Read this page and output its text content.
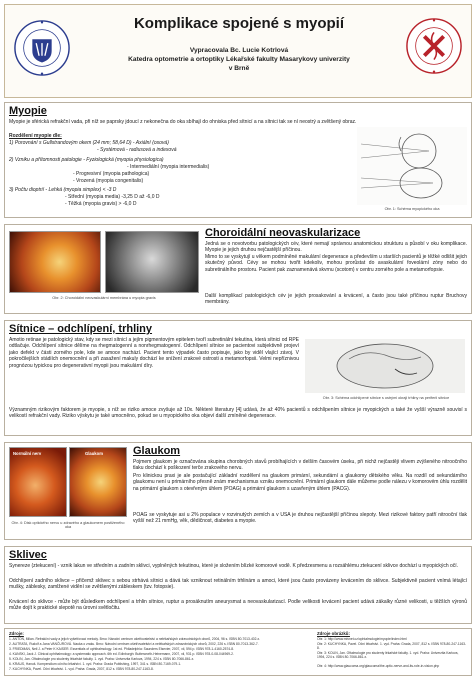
Komplikace spojené s myopií
Vypracovala Bc. Lucie Kotrlová
Katedra optometrie a ortoptiky Lékařské fakulty Masarykovy univerzity
v Brně
Myopie
Myopie je sférická refrakční vada, při níž se paprsky jdoucí z nekonečna do oka sbíhají do ohniska před sítnicí a na sítnici tak se ní neostrý a zvětšený obraz.
Rozdělení myopie dle:
1) Porovnání s Gullstrandovým okem (24 mm; 58,64 D) - Axiální (osová)
- Systémová - radiusová a indexová
2) Vzniku a přítomnosti patologie - Fyziologická (myopia physiologica)
- Intermediální (myopia intermedialis)
- Progresivní (myopia pathologica)
- Vrozená (myopia congenitalis)
3) Počtu dioptrií - Lehká (myopia simplex) < -3 D
- Střední (myopia media) -3,25 D až -6,0 D
- Těžká (myopia gravis) > -6,0 D
Obr. 1: Schéma myopického oka
Obr. 2: Choroidální neovaskulární membrána u myopia gravis
Choroidální neovaskularizace
Jedná se o novotvorbu patologických cév, které nemají správnou anatomickou strukturu a působí v oku komplikace. Myopie je jejich druhou nejčastější příčinou.
Mimo to se vyskytují u věkem podmíněné makulární degenerace a především u starších pacientů je těžké odlišit jejich skutečný původ. Cévy se mohou tvořit kdekoliv, mohou prorůstat do avaskulární foveolární zóny nebo do subretinálního prostoru. Pacient pak zaznamenává skvrnu (scotom) v centru zorného pole a metamorfopsie.
Další komplikací patologických cév je jejich prosakování a krvácení, a často jsou také příčinou ruptur Bruchovy membrány.
Sítnice – odchlípení, trhliny
Amotio retinae je patologický stav, kdy se mezi sítnicí a jejím pigmentovým epitelem tvoří subretinální tekutina, která sítnici od RPE odtlačuje. Odchlípení sítnice dělíme na rhegmatogenní a nonrhegmatogenní. Odchlípení sítnice se pacientovi subjektivně projeví jako defekt v části zorného pole, kde se amoce nachází. Pacient tento výpadek často popisuje, jako by viděl vlající závoj. V pokročilejších stádiích onemocnění a při zasažení makuly dochází ke snížení zrakové ostrosti a metamorfopsii. Velmi nepříznivou prognózou typickou pro degenerativní myopii jsou makulární díry.
Významným rizikovým faktorem je myopie, s níž se riziko amoce zvyšuje až 10x. Některé literatury [4] udává, že až 40% pacientů s odchlípením sítnice je myopických a také že vyšší výrazně souvisí s velikostí refrakční vady. Riziko výskytu je také umocněno, pokud se u myopického oka objeví další zmíněné degenerace.
Obr. 3: Schéma odchlípené sítnice s ostrými okraji trhliny na periferii sítnice
Normální nerv	Glaukom
Obr. 4: Disk optického nervu u zdravého a glaukomem postiženého oka
Glaukom
Pojmem glaukom je označována skupina chorobných stavů probíhajících v delším časovém úseku, při nichž nejčastěji vlivem zvýšeného nitroočního tlaku dochází k poškození terče zrakového nervu.
Pro klinickou praxi je ale postačující základní rozdělení na glaukom primární, sekundární a glaukomy dětského věku. Na rozdíl od sekundárního glaukomu není u primárního přesně znám mechanismus vzniku onemocnění. Primární glaukom dále můžeme podle nálezu v komorovém úhlu rozdělit na primární glaukom s otevřeným úhlem (POAG) a primární glaukom s uzavřeným úhlem (PACG).
POAG se vyskytuje asi u 2% populace v rozvinutých zemích a v USA je druhou nejčastější příčinou slepoty. Mezi rizikové faktory patří nitrooční tlak vyšší než 21 mmHg, věk, dědičnost, diabetes a myopie.
Sklivec
Synereze (ztekucení) - vznik lakun ve středním a zadním sklivci, vyplněných tekutinou, které je složením blízké komorové vodě. K předzesmenu a rozsáhlému ztekucení sklivce dochází u myopických očí.
Odchlípení zadního sklivce – přičemž sklivec s sebou strhává sítnici a dává tak vzniknout retinálním trhlinám a amoci, které jsou často provázeny krvácením do sklivce. Subjektivně pacient vnímá létající mušky, záblesky, zamlžené vidění se zvětšenými zábleskem (tzv. fotopsie).
Krvácení do sklivce - může být důsledkem odchlípení a trhlin sítnice, ruptur a prosáknutím aneurysmat a neovaskularizací. Podle velikosti krvácení pacient udává zákalky různé velikosti, u těžších výronů může dojít k praktické slepotě na úrovni světločitu.
Zdroje:
1. ANTON, Milan. Refrakční vady a jejich vyšetřovací metody. Brno: Národní centrum ošetřovatelství a nelékařských zdravotnických oborů, 2004, 96 s. ISBN 80-7013-402-x.
2. AUTRATA, Rudolf a Jana VANČUROVÁ. Nauka o zraku. Brno: Národní centrum ošetřovatelství a nelékařských zdravotnických oborů, 2002, 226 s. ISBN 80-7013-362-7.
3. FRIEDMAN, Neil J. a Peter K KAISER. Essentials of ophthalmology. 1st ed. Philadelphia: Saunders Elsevier, 2007, xii, 594 p. ISBN 978-1-4160-2574-8.
4. KANSKI, Jack J. Clinical ophthalmology: a systematic approach. 6th ed. Edinburgh: Butterworth-Heinemann, 2007, xii, 931 p. ISBN 978-0-08-044969-2.
5. KOLIN, Jan. Oftalmologie pro studenty lékařské fakulty. 1. vyd. Praha: Univerzita Karlova, 1994, 224 s. ISBN 80-7066-861-x.
6. KRAUS, Hanuš. Kompendium očního lékařství. 1. vyd. Praha: Grada Publishing, 1997, 341 s. ISBN 80-7169-079-1.
7. KUCHYNKA, Pavel. Oční lékařství. 1. vyd. Praha: Grada, 2007, 812 s. ISBN 978-80-247-1163-8.
Zdroje obrázků:
Obr. 1: http://www.mivnet.cz/ophtalmologie/myopie/index.html
Obr. 2: KUCHYNKA, Pavel. Oční lékařství. 1. vyd. Praha: Grada, 2007, 812 s. ISBN 978-80-247-1163-8.
Obr. 3: KOLIN, Jan. Oftalmologie pro studenty lékařské fakulty. 1. vyd. Praha: Univerzita Karlova, 1994, 224 s. ISBN 80-7066-861-x.
Obr. 4: http://www.glaucoma.org/glaucoma/the-optic-nerve-and-its-role-in-vision.php
